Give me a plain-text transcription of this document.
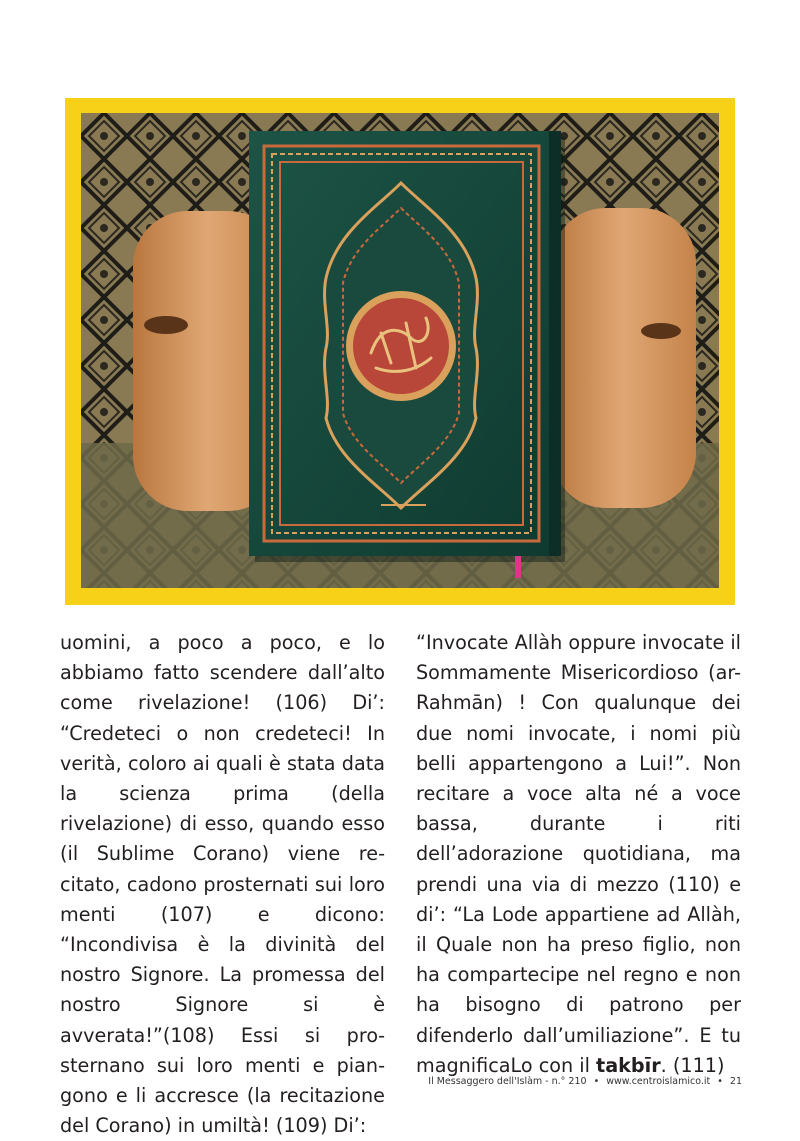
uomini, a poco a poco, e lo abbiamo fatto scendere dall’alto come rivelazione! (106) Di’: “Credeteci o non credeteci! In verità, coloro ai quali è stata data la scienza prima (della rivelazione) di esso, quando esso (il Sublime Corano) viene recitato, cadono prosternati sui loro menti (107) e dicono: “Incondivisa è la divinità del nostro Signore. La promessa del nostro Signore si è avverata!”(108) Essi si prosternano sui loro menti e piangono e li accresce (la recitazione del Corano) in umiltà! (109) Di’:

“Invocate Allàh oppure invocate il Sommamente Misericordioso (ar-Rahmān) ! Con qualunque dei due nomi invocate, i nomi più belli appartengono a Lui!”. Non recitare a voce alta né a voce bassa, durante i riti dell’adorazione quotidiana, ma prendi una via di mezzo (110) e di’: “La Lode appartiene ad Allàh, il Quale non ha preso figlio, non ha compartecipe nel regno e non ha bisogno di patrono per difenderlo dall’umiliazione”. E tu magnificaLo con il takbīr. (111)

Il Messaggero dell'Islàm - n.° 210 • www.centroislamico.it • 21
